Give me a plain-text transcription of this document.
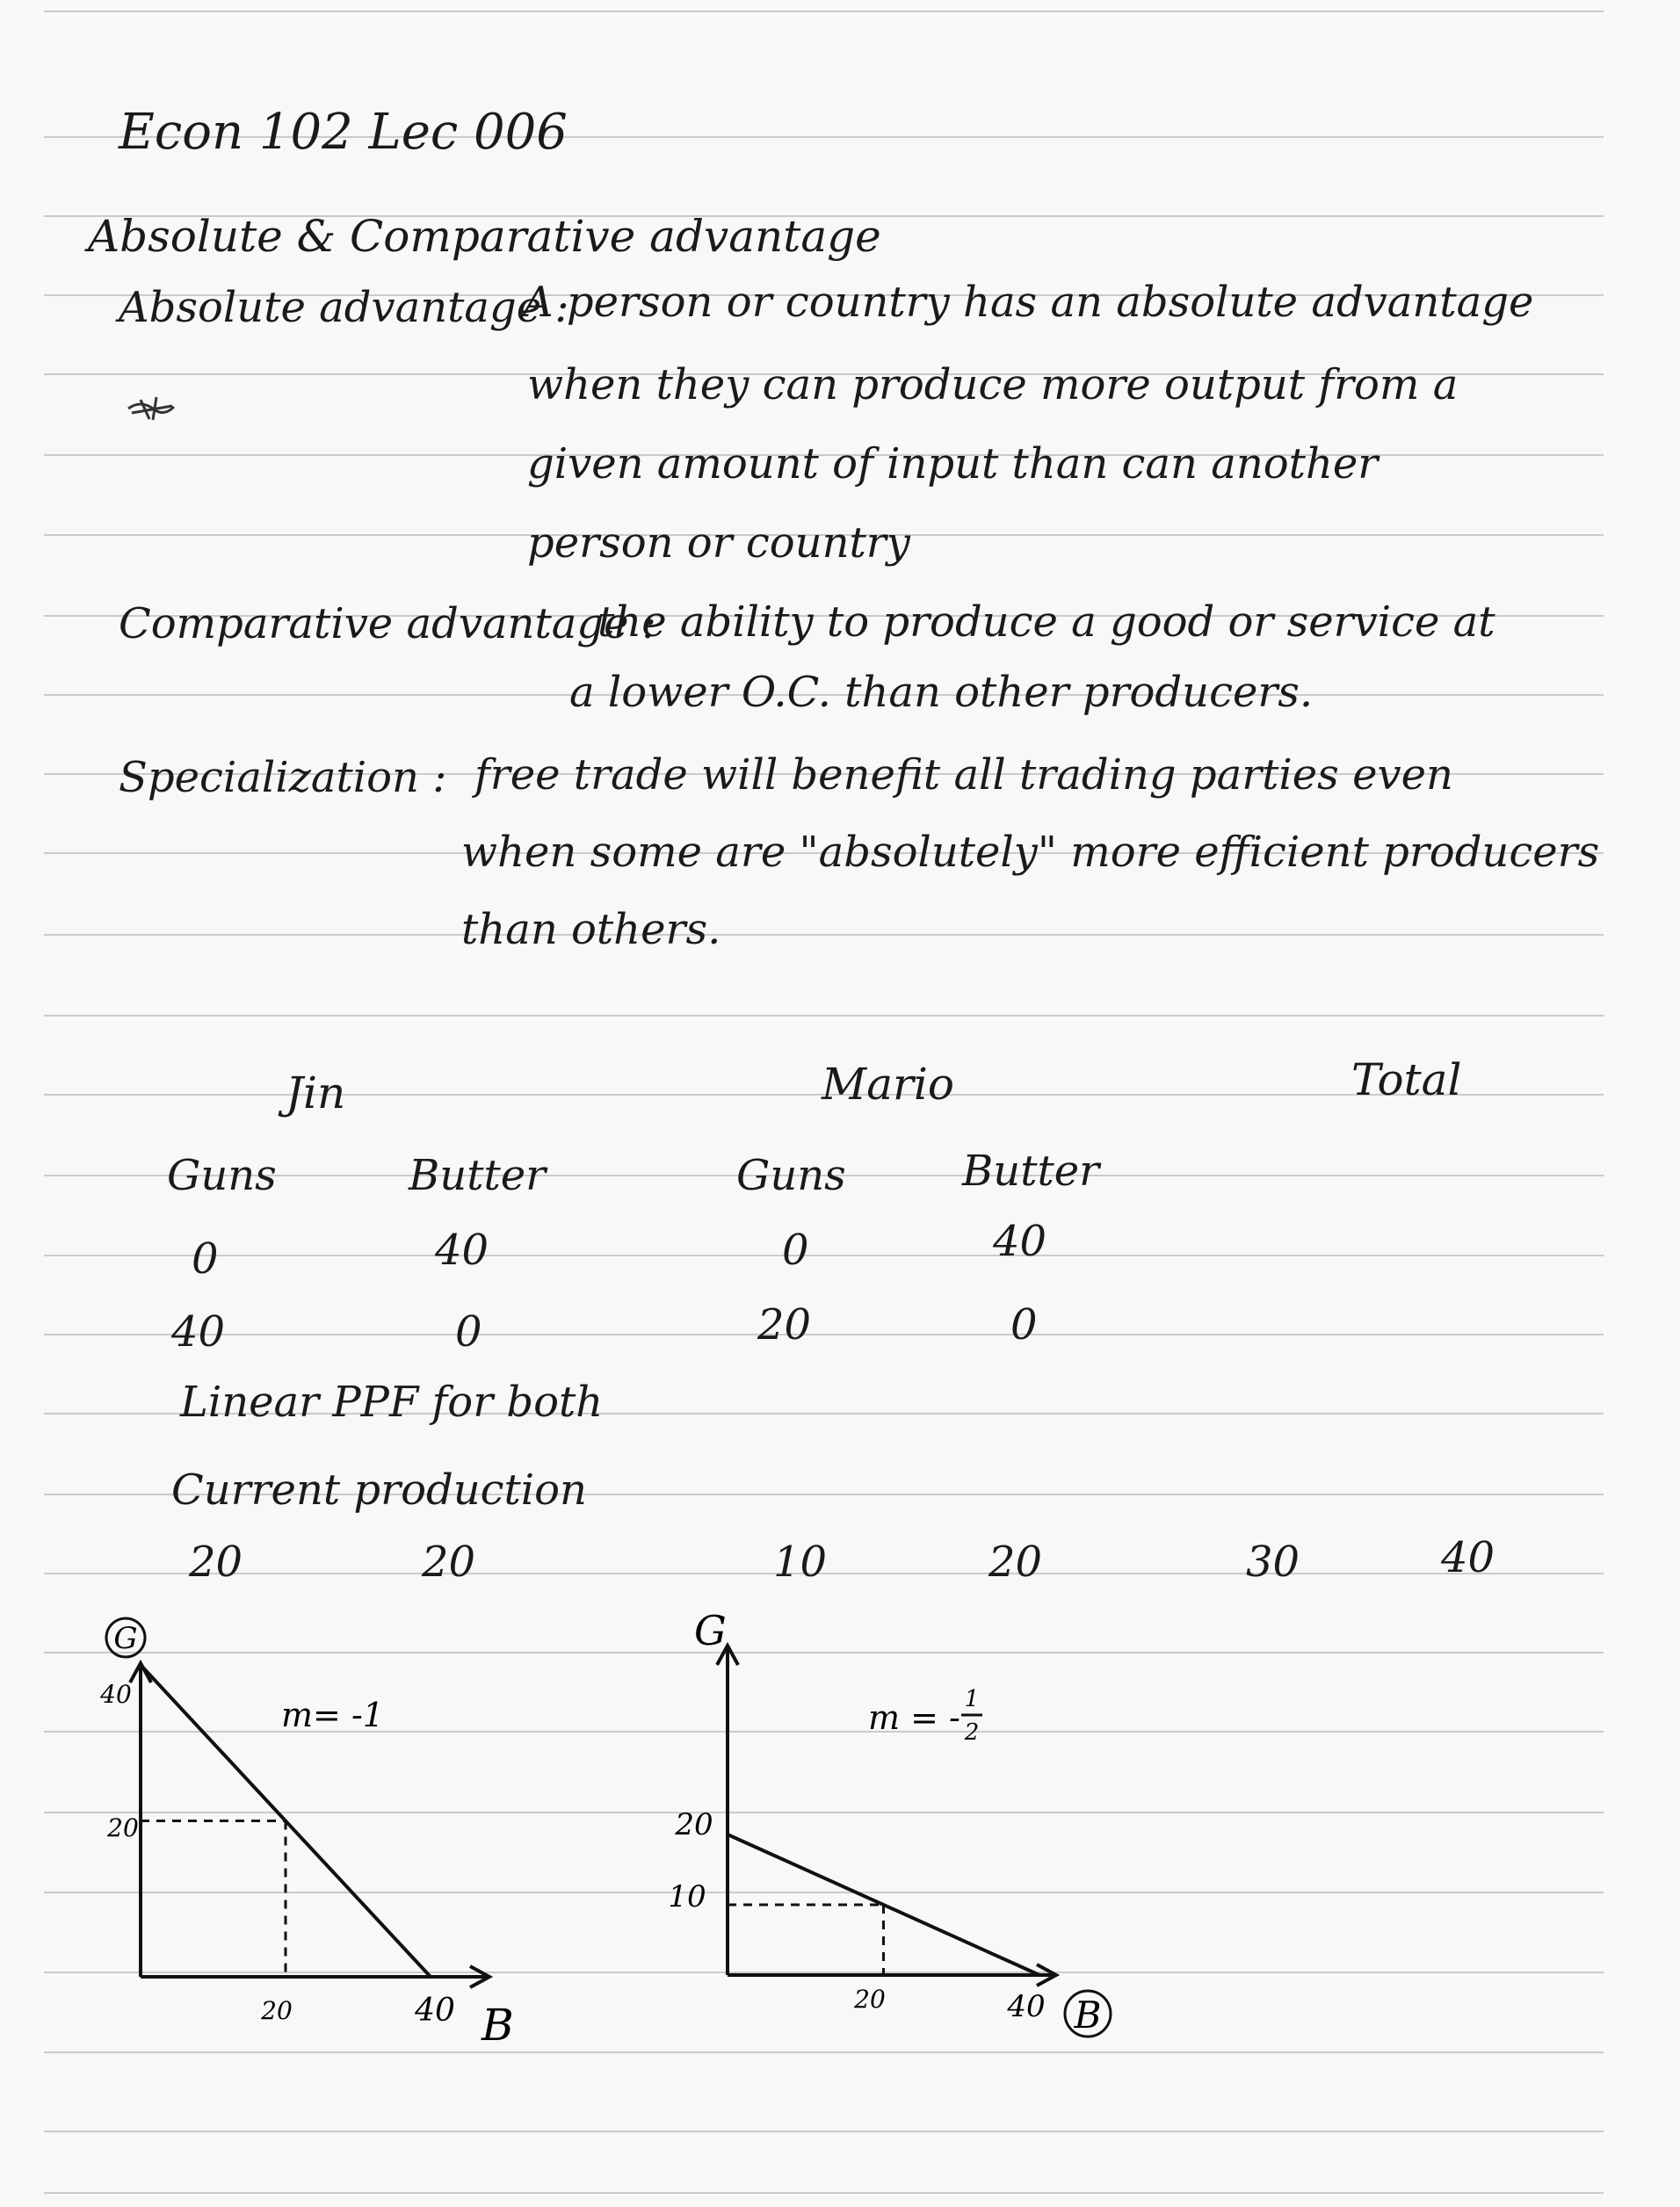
Econ 102 Lec 006
Absolute & Comparative advantage
Absolute advantage :
A person or country has an absolute advantage
when they can produce more output from a
given amount of input than can another
person or country
Comparative advantage :
the ability to produce a good or service at
a lower O.C. than other producers.
Specialization : free trade will benefit all trading parties even
when some are "absolutely" more efficient producers
than others.
Jin	Mario	Total
Guns	Butter	Guns	Butter
0	40	0	40
40	0	20	0
Linear PPF for both
Current production
20	20	10	20	30	40
G
B
m= -1
40
20
20	40
G
m = - 1
2
20
10
20	40 B
